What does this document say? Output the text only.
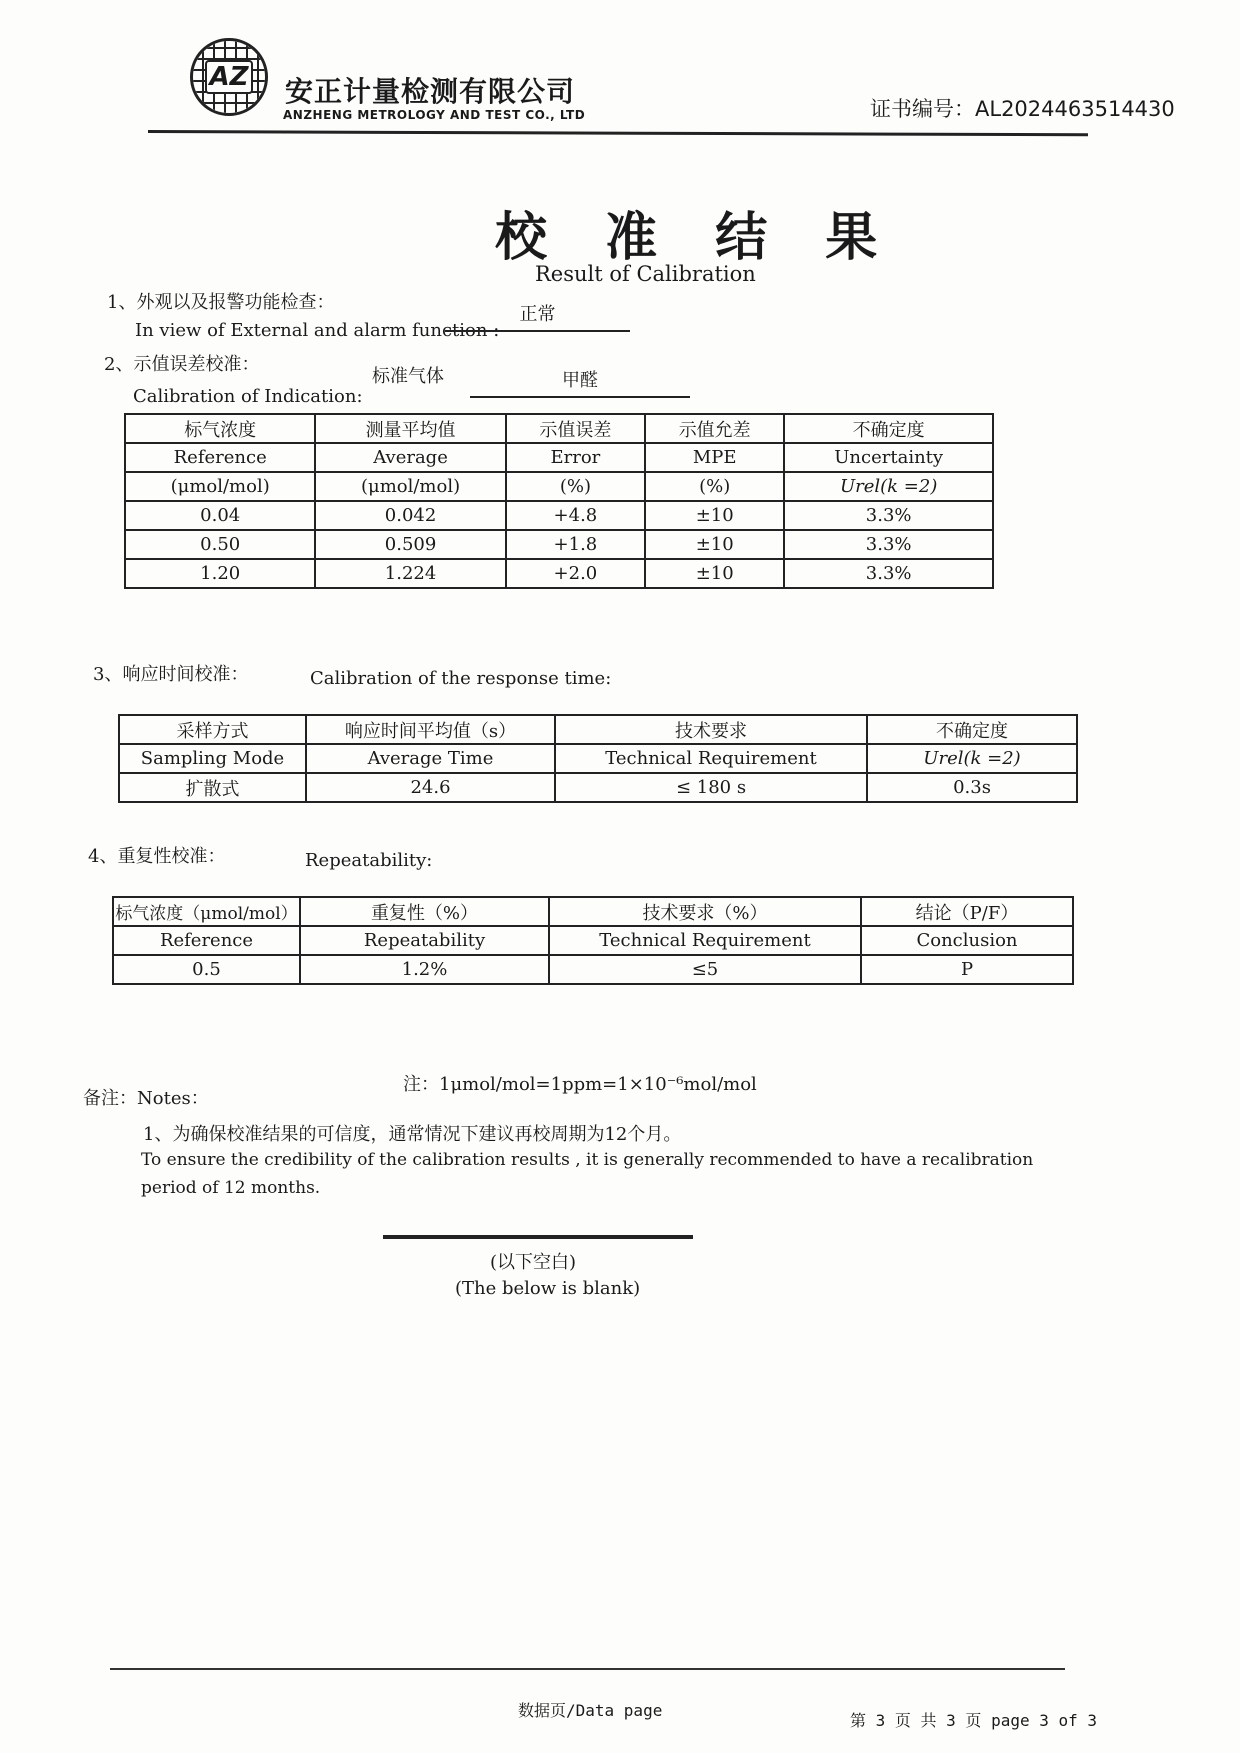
AZ 安正计量检测有限公司
ANZHENG METROLOGY AND TEST CO., LTD	证书编号：AL2024463514430
校 准 结 果
Result of Calibration
1、外观以及报警功能检查：
In view of External and alarm function :
正常
2、示值误差校准：
标准气体	甲醛
Calibration of Indication:
标气浓度	测量平均值	示值误差	示值允差	不确定度
Reference	Average	Error	MPE	Uncertainty
(μmol/mol)	(μmol/mol)	(%)	(%)	Urel(k =2)
0.04	0.042	+4.8	±10	3.3%
0.50	0.509	+1.8	±10	3.3%
1.20	1.224	+2.0	±10	3.3%
3、响应时间校准：	Calibration of the response time:
采样方式	响应时间平均值（s）	技术要求	不确定度
Sampling Mode	Average Time	Technical Requirement	Urel(k =2)
扩散式	24.6	≤ 180 s	0.3s
4、重复性校准：	Repeatability:
标气浓度（μmol/mol）	重复性（%）	技术要求（%）	结论（P/F）
Reference	Repeatability	Technical Requirement	Conclusion
0.5	1.2%	≤5	P
注：1μmol/mol=1ppm=1×10⁻⁶mol/mol
备注：Notes：
1、为确保校准结果的可信度，通常情况下建议再校周期为12个月。
To ensure the credibility of the calibration results , it is generally recommended to have a recalibration
period of 12 months.
(以下空白)
(The below is blank)
数据页/Data page
第 3 页 共 3 页 page 3 of 3
